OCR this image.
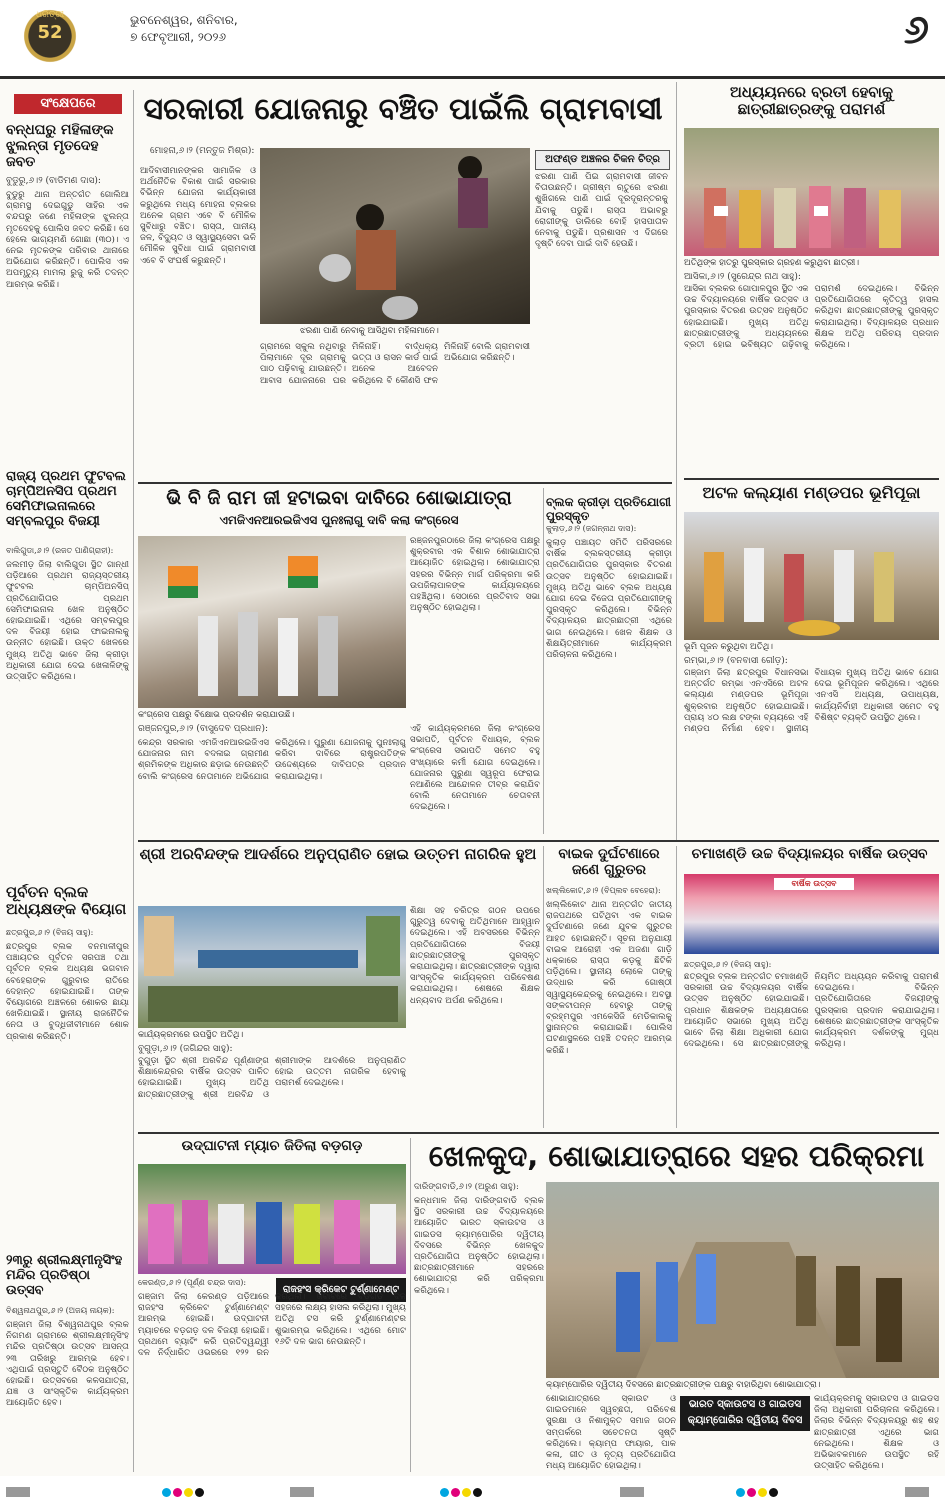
ଧରିତ୍ରୀ
52
ଭୁବନେଶ୍ୱର, ଶନିବାର,
୭ ଫେବୃଆରୀ, ୨୦୨୬	୬
ସଂକ୍ଷେପରେ
ବନ୍ଧଘରୁ ମହିଳାଙ୍କ ଝୁଲନ୍ତା ମୃତଦେହ ଜବତ
ବୁଡୁରୁ,୬।୨ (ବାଡିମଣ ଦାସ):
ବୁଡୁରୁ ଥାନା ଅନ୍ତର୍ଗତ ଗୋଲିଆ ଗ୍ରାମସ୍ଥ ଦେଇଗୁଡୁ ସାହିର ଏକ ବନ୍ଦଘରୁ ଜଣେ ମହିଳାଙ୍କ ଝୁଲନ୍ତା ମୃତଦେହକୁ ପୋଲିସ ଜବତ କରିଛି। ସେ ହେଲେ ଭାଗ୍ୟମଣି ଗୋଛା (୩୦)। ଏ ନେଇ ମୃତକଙ୍କ ପରିବାର ଥାନାରେ ଅଭିଯୋଗ କରିଛନ୍ତି। ପୋଲିସ ଏକ ଅପମୃତ୍ୟୁ ମାମଲା ରୁଜୁ କରି ତଦନ୍ତ ଆରମ୍ଭ କରିଛି।
ରାଜ୍ୟ ପ୍ରଥମ ଫୁଟବଲ ଚାମ୍ପିଅନସିପ ପ୍ରଥମ ସେମିଫାଇନାଲରେ ସମ୍ବଲପୁର ବିଜୟୀ
ବାଲିଗୁଡା,୬।୨ (ରଜତ ପାଣିଗ୍ରାହୀ):
ଜଲମୀଡ଼ ଜିଲା ବାଲିଗୁଡା ସ୍ଥିତ ଗାନ୍ଧୀ ପଡ଼ିଆରେ ପ୍ରଥମ ରାଜ୍ୟସ୍ତରୀୟ ଫୁଟବଲ ଚାମ୍ପିଅନସିପ୍ ପ୍ରତିଯୋଗିତାର ପ୍ରଥମ ସେମିଫାଇନାଲ ଖେଳ ଅନୁଷ୍ଠିତ ହୋଇଯାଇଛି। ଏଥିରେ ସମ୍ବଲପୁର ଦଳ ବିଜୟୀ ହୋଇ ଫାଇନାଲକୁ ଉନ୍ନୀତ ହୋଇଛି। ଉକ୍ତ ଖେଳରେ ମୁଖ୍ୟ ଅତିଥି ଭାବେ ଜିଲା କ୍ରୀଡ଼ା ଅଧିକାରୀ ଯୋଗ ଦେଇ ଖେଳାଳିଙ୍କୁ ଉତ୍ସାହିତ କରିଥିଲେ।
ପୂର୍ବତନ ବ୍ଲକ ଅଧ୍ୟକ୍ଷଙ୍କ ବିୟୋଗ
ଛତ୍ରପୁର,୬।୨ (ବିଜୟ ସାହୁ):
ଛତ୍ରପୁର ବ୍ଲକ ବନମାଳୀପୁର ପଞ୍ଚାୟତର ପୂର୍ବତନ ସରପଞ୍ଚ ତଥା ପୂର୍ବତନ ବ୍ଲକ ଅଧ୍ୟକ୍ଷ ଭଗବାନ ବେହେରାଙ୍କ ଗୁରୁବାର ରାତିରେ ଦେହାନ୍ତ ହୋଇଯାଇଛି। ତାଙ୍କ ବିୟୋଗରେ ଅଞ୍ଚଳରେ ଶୋକର ଛାୟା ଖେଳିଯାଇଛି। ସ୍ଥାନୀୟ ରାଜନୈତିକ ନେତା ଓ ବୁଦ୍ଧିଜୀବୀମାନେ ଶୋକ ପ୍ରକାଶ କରିଛନ୍ତି।
୨୩ରୁ ଶ୍ରୀଲକ୍ଷ୍ମୀନୃସିଂହ ମନ୍ଦିର ପ୍ରତିଷ୍ଠା ଉତ୍ସବ
ବିଶ୍ୱନାଥପୁର,୬।୨ (ଅଜୟ ନାୟକ):
ଗଞ୍ଜାମ ଜିଲା ବିଶ୍ୱନାଥପୁର ବ୍ଲକ ନିଗମଣ ଗ୍ରାମରେ ଶ୍ରୀଲକ୍ଷ୍ମୀନୃସିଂହ ମନ୍ଦିର ପ୍ରତିଷ୍ଠା ଉତ୍ସବ ଆସନ୍ତା ୨୩ ତାରିଖରୁ ଆରମ୍ଭ ହେବ। ଏଥିପାଇଁ ପ୍ରସ୍ତୁତି ବୈଠକ ଅନୁଷ୍ଠିତ ହୋଇଛି। ଉତ୍ସବରେ କଳସଯାତ୍ରା, ଯଜ୍ଞ ଓ ସାଂସ୍କୃତିକ କାର୍ଯ୍ୟକ୍ରମ ଆୟୋଜିତ ହେବ।
ସରକାରୀ ଯୋଜନାରୁ ବଞ୍ଚିତ ପାଇଁଲି ଗ୍ରାମବାସୀ
ମୋହନା,୬।୨ (ମନ୍ତୁଜ ମିଶ୍ର):
ଝରଣା ପାଣି ନେବାକୁ ଆସିଥିବା ମହିଳାମାନେ।
ଅଫଣ୍ଡ ଅଞ୍ଚଳର ଚିକନ ଚିତ୍ର
ଆଦିବାସୀମାନଙ୍କର ସାମାଜିକ ଓ ଅର୍ଥନୈତିକ ବିକାଶ ପାଇଁ ସରକାର ବିଭିନ୍ନ ଯୋଜନା କାର୍ଯ୍ୟକାରୀ କରୁଥିଲେ ମଧ୍ୟ ମୋହନା ବ୍ଲକର ଅନେକ ଗ୍ରାମ ଏବେ ବି ମୌଳିକ ସୁବିଧାରୁ ବଞ୍ଚିତ। ରାସ୍ତା, ପାନୀୟ ଜଳ, ବିଦ୍ୟୁତ ଓ ସ୍ୱାସ୍ଥ୍ୟସେବା ଭଳି ମୌଳିକ ସୁବିଧା ପାଇଁ ଗ୍ରାମବାସୀ ଏବେ ବି ସଂଘର୍ଷ କରୁଛନ୍ତି।
ଝରଣା ପାଣି ପିଇ ଗ୍ରାମବାସୀ ଜୀବନ ବିତାଉଛନ୍ତି। ଗ୍ରୀଷ୍ମ ଋତୁରେ ଝରଣା ଶୁଖିଗଲେ ପାଣି ପାଇଁ ଦୂରଦୂରାନ୍ତରକୁ ଯିବାକୁ ପଡୁଛି। ରାସ୍ତା ଅଭାବରୁ ରୋଗୀଙ୍କୁ ଡାଲିରେ ବୋହି ହାସପାତାଳ ନେବାକୁ ପଡୁଛି। ପ୍ରଶାସନ ଏ ଦିଗରେ ଦୃଷ୍ଟି ଦେବା ପାଇଁ ଦାବି ହେଉଛି।
ଗ୍ରାମରେ ସ୍କୁଲ ନଥିବାରୁ ପିଲାମାନେ ଦୂର ଗ୍ରାମକୁ ପାଠ ପଢ଼ିବାକୁ ଯାଉଛନ୍ତି। ଆବାସ ଯୋଜନାରେ ଘର ମିଳିନାହିଁ। ବାର୍ଦ୍ଧକ୍ୟ ଭତ୍ତା ଓ ରାସନ କାର୍ଡ ପାଇଁ ଅନେକ ଆବେଦନ କରିଥିଲେ ବି କୌଣସି ଫଳ ମିଳିନାହିଁ ବୋଲି ଗ୍ରାମବାସୀ ଅଭିଯୋଗ କରିଛନ୍ତି।
ଅଧ୍ୟୟନରେ ବ୍ରତୀ ହେବାକୁ ଛାତ୍ରୀଛାତ୍ରଙ୍କୁ ପରାମର୍ଶ
ଅତିଥିଙ୍କ ହାତରୁ ପୁରସ୍କାର ଗ୍ରହଣ କରୁଥିବା ଛାତ୍ରୀ।
ଆସିକା,୬।୨ (ସୁରେନ୍ଦ୍ର ନାଥ ସାହୁ):
ଆସିକା ବ୍ଲକର ଗୋପାଳପୁର ସ୍ଥିତ ଏକ ଉଚ୍ଚ ବିଦ୍ୟାଳୟରେ ବାର୍ଷିକ ଉତ୍ସବ ଓ ପୁରସ୍କାର ବିତରଣ ଉତ୍ସବ ଅନୁଷ୍ଠିତ ହୋଇଯାଇଛି। ମୁଖ୍ୟ ଅତିଥି ଛାତ୍ରଛାତ୍ରୀଙ୍କୁ ଅଧ୍ୟୟନରେ ବ୍ରତୀ ହୋଇ ଭବିଷ୍ୟତ ଗଢ଼ିବାକୁ ପରାମର୍ଶ ଦେଇଥିଲେ। ବିଭିନ୍ନ ପ୍ରତିଯୋଗିତାରେ କୃତିତ୍ୱ ହାସଲ କରିଥିବା ଛାତ୍ରଛାତ୍ରୀଙ୍କୁ ପୁରସ୍କୃତ କରାଯାଇଥିଲା। ବିଦ୍ୟାଳୟର ପ୍ରଧାନ ଶିକ୍ଷକ ଅତିଥି ପରିଚୟ ପ୍ରଦାନ କରିଥିଲେ।
ଭି ବି ଜି ରାମ ଜୀ ହଟାଇବା ଦାବିରେ ଶୋଭାଯାତ୍ରା
ଏମଜିଏନଆରଇଜିଏସ ପୁନଃଲାଗୁ ଦାବି କଲା କଂଗ୍ରେସ
କଂଗ୍ରେସ ପକ୍ଷରୁ ବିକ୍ଷୋଭ ପ୍ରଦର୍ଶନ କରାଯାଉଛି।
ରଞ୍ଜନପୁର,୬।୨ (ବାସୁଦେବ ପ୍ରଧାନ):
ରଞ୍ଜନପୁରଠାରେ ଜିଲା କଂଗ୍ରେସ ପକ୍ଷରୁ ଶୁକ୍ରବାର ଏକ ବିଶାଳ ଶୋଭାଯାତ୍ରା ଆୟୋଜିତ ହୋଇଥିଲା। ଶୋଭାଯାତ୍ରା ସହରର ବିଭିନ୍ନ ମାର୍ଗ ପରିକ୍ରମା କରି ଉପଜିଲାପାଳଙ୍କ କାର୍ଯ୍ୟାଳୟରେ ପହଞ୍ଚିଥିଲା। ସେଠାରେ ପ୍ରତିବାଦ ସଭା ଅନୁଷ୍ଠିତ ହୋଇଥିଲା।
କେନ୍ଦ୍ର ସରକାର ଏମଜିଏନଆରଇଜିଏସ ଯୋଜନାର ନାମ ବଦଳାଇ ଗ୍ରାମୀଣ ଶ୍ରମିକଙ୍କ ଅଧିକାର ଛଡ଼ାଇ ନେଉଛନ୍ତି ବୋଲି କଂଗ୍ରେସ ନେତାମାନେ ଅଭିଯୋଗ କରିଥିଲେ। ପୁରୁଣା ଯୋଜନାକୁ ପୁନଃଲାଗୁ କରିବା ଦାବିରେ ରାଷ୍ଟ୍ରପତିଙ୍କ ଉଦ୍ଦେଶ୍ୟରେ ଦାବିପତ୍ର ପ୍ରଦାନ କରାଯାଇଥିଲା।
ଏହି କାର୍ଯ୍ୟକ୍ରମରେ ଜିଲା କଂଗ୍ରେସ ସଭାପତି, ପୂର୍ବତନ ବିଧାୟକ, ବ୍ଲକ କଂଗ୍ରେସ ସଭାପତି ସମେତ ବହୁ ସଂଖ୍ୟାରେ କର୍ମୀ ଯୋଗ ଦେଇଥିଲେ। ଯୋଜନାର ପୁରୁଣା ସ୍ୱରୂପ ଫେରାଇ ନଆଣିଲେ ଆନ୍ଦୋଳନ ତୀବ୍ର କରାଯିବ ବୋଲି ନେତାମାନେ ଚେତାବନୀ ଦେଇଥିଲେ।
ବ୍ଲକ କ୍ରୀଡ଼ା ପ୍ରତିଯୋଗୀ ପୁରସ୍କୃତ
କୁଲାଡ଼,୬।୨ (ଜଗନ୍ନାଥ ଦାସ):
କୁଲାଡ଼ ପଞ୍ଚାୟତ ସମିତି ପରିସରରେ ବାର୍ଷିକ ବ୍ଲକସ୍ତରୀୟ କ୍ରୀଡ଼ା ପ୍ରତିଯୋଗିତାର ପୁରସ୍କାର ବିତରଣ ଉତ୍ସବ ଅନୁଷ୍ଠିତ ହୋଇଯାଇଛି। ମୁଖ୍ୟ ଅତିଥି ଭାବେ ବ୍ଲକ ଅଧ୍ୟକ୍ଷ ଯୋଗ ଦେଇ ବିଜେତା ପ୍ରତିଯୋଗୀଙ୍କୁ ପୁରସ୍କୃତ କରିଥିଲେ। ବିଭିନ୍ନ ବିଦ୍ୟାଳୟର ଛାତ୍ରଛାତ୍ରୀ ଏଥିରେ ଭାଗ ନେଇଥିଲେ। ଖେଳ ଶିକ୍ଷକ ଓ ଶିକ୍ଷୟିତ୍ରୀମାନେ କାର୍ଯ୍ୟକ୍ରମ ପରିଚାଳନା କରିଥିଲେ।
ଅଟଳ କଲ୍ୟାଣ ମଣ୍ଡପର ଭୂମିପୂଜା
ଭୂମି ପୂଜନ କରୁଥିବା ଅତିଥି।
ରମ୍ଭା,୬।୨ (ବନବାସୀ ଗୌଡ଼):
ଗଞ୍ଜାମ ଜିଲା ଛତ୍ରପୁର ବିଧାନସଭା ଅନ୍ତର୍ଗତ ରମ୍ଭା ଏନଏସିରେ ଅଟଳ କଲ୍ୟାଣ ମଣ୍ଡପର ଭୂମିପୂଜା ଶୁକ୍ରବାର ଅନୁଷ୍ଠିତ ହୋଇଯାଇଛି। ପ୍ରାୟ ୪୦ ଲକ୍ଷ ଟଙ୍କା ବ୍ୟୟରେ ଏହି ମଣ୍ଡପ ନିର୍ମାଣ ହେବ। ସ୍ଥାନୀୟ ବିଧାୟକ ମୁଖ୍ୟ ଅତିଥି ଭାବେ ଯୋଗ ଦେଇ ଭୂମିପୂଜନ କରିଥିଲେ। ଏଥିରେ ଏନଏସି ଅଧ୍ୟକ୍ଷ, ଉପାଧ୍ୟକ୍ଷ, କାର୍ଯ୍ୟନିର୍ବାହୀ ଅଧିକାରୀ ସମେତ ବହୁ ବିଶିଷ୍ଟ ବ୍ୟକ୍ତି ଉପସ୍ଥିତ ଥିଲେ।
ଶ୍ରୀ ଅରବିନ୍ଦଙ୍କ ଆଦର୍ଶରେ ଅନୁପ୍ରାଣିତ ହୋଇ ଉତ୍ତମ ନାଗରିକ ହୁଅ
କାର୍ଯ୍ୟକ୍ରମରେ ଉପସ୍ଥିତ ଅତିଥି।
ବୁଗୁଡ଼ା,୬।୨ (ଜଗିନ୍ଦର ସାହୁ):
ବୁଗୁଡ଼ା ସ୍ଥିତ ଶ୍ରୀ ଅରବିନ୍ଦ ପୂର୍ଣ୍ଣାଙ୍ଗ ଶିକ୍ଷାକେନ୍ଦ୍ରର ବାର୍ଷିକ ଉତ୍ସବ ପାଳିତ ହୋଇଯାଇଛି। ମୁଖ୍ୟ ଅତିଥି ଛାତ୍ରଛାତ୍ରୀଙ୍କୁ ଶ୍ରୀ ଅରବିନ୍ଦ ଓ ଶ୍ରୀମାଙ୍କ ଆଦର୍ଶରେ ଅନୁପ୍ରାଣିତ ହୋଇ ଉତ୍ତମ ନାଗରିକ ହେବାକୁ ପରାମର୍ଶ ଦେଇଥିଲେ।
ଶିକ୍ଷା ସହ ଚରିତ୍ର ଗଠନ ଉପରେ ଗୁରୁତ୍ୱ ଦେବାକୁ ଅତିଥିମାନେ ଆହ୍ୱାନ ଦେଇଥିଲେ। ଏହି ଅବସରରେ ବିଭିନ୍ନ ପ୍ରତିଯୋଗିତାରେ ବିଜୟୀ ଛାତ୍ରଛାତ୍ରୀଙ୍କୁ ପୁରସ୍କୃତ କରାଯାଇଥିଲା। ଛାତ୍ରଛାତ୍ରୀଙ୍କ ଦ୍ୱାରା ସାଂସ୍କୃତିକ କାର୍ଯ୍ୟକ୍ରମ ପରିବେଷଣ କରାଯାଇଥିଲା। ଶେଷରେ ଶିକ୍ଷକ ଧନ୍ୟବାଦ ଅର୍ପଣ କରିଥିଲେ।
ବାଇକ ଦୁର୍ଘଟଣାରେ ଜଣେ ଗୁରୁତର
ଖଲ୍ଲିକୋଟ,୬।୨ (ବିପ୍ଲବ ବେହେରା):
ଖଲ୍ଲିକୋଟ ଥାନା ଅନ୍ତର୍ଗତ ଜାତୀୟ ରାଜପଥରେ ଘଟିଥିବା ଏକ ବାଇକ ଦୁର୍ଘଟଣାରେ ଜଣେ ଯୁବକ ଗୁରୁତର ଆହତ ହୋଇଛନ୍ତି। ସୂଚନା ଅନୁଯାୟୀ ବାଇକ ଆରୋହୀ ଏକ ଅଜଣା ଗାଡ଼ି ଧକ୍କାରେ ରାସ୍ତା କଡ଼କୁ ଛିଟିକି ପଡ଼ିଥିଲେ। ସ୍ଥାନୀୟ ଲୋକେ ତାଙ୍କୁ ଉଦ୍ଧାର କରି ଗୋଷ୍ଠୀ ସ୍ୱାସ୍ଥ୍ୟକେନ୍ଦ୍ରକୁ ନେଇଥିଲେ। ଅବସ୍ଥା ସଙ୍କଟାପନ୍ନ ହେବାରୁ ତାଙ୍କୁ ବ୍ରହ୍ମପୁର ଏମକେସିଜି ମେଡିକାଲକୁ ସ୍ଥାନାନ୍ତର କରାଯାଇଛି। ପୋଲିସ ଘଟଣାସ୍ଥଳରେ ପହଞ୍ଚି ତଦନ୍ତ ଆରମ୍ଭ କରିଛି।
ଚମାଖଣ୍ଡି ଉଚ୍ଚ ବିଦ୍ୟାଳୟର ବାର୍ଷିକ ଉତ୍ସବ
ବାର୍ଷିକ ଉତ୍ସବ
ଛତ୍ରପୁର,୬।୨ (ବିଜୟ ସାହୁ):
ଛତ୍ରପୁର ବ୍ଲକ ଅନ୍ତର୍ଗତ ଚମାଖଣ୍ଡି ସରକାରୀ ଉଚ୍ଚ ବିଦ୍ୟାଳୟର ବାର୍ଷିକ ଉତ୍ସବ ଅନୁଷ୍ଠିତ ହୋଇଯାଇଛି। ପ୍ରଧାନ ଶିକ୍ଷକଙ୍କ ଅଧ୍ୟକ୍ଷତାରେ ଆୟୋଜିତ ସଭାରେ ମୁଖ୍ୟ ଅତିଥି ଭାବେ ଜିଲା ଶିକ୍ଷା ଅଧିକାରୀ ଯୋଗ ଦେଇଥିଲେ। ସେ ଛାତ୍ରଛାତ୍ରୀଙ୍କୁ ନିୟମିତ ଅଧ୍ୟୟନ କରିବାକୁ ପରାମର୍ଶ ଦେଇଥିଲେ। ବିଭିନ୍ନ ପ୍ରତିଯୋଗିତାରେ ବିଜୟୀଙ୍କୁ ପୁରସ୍କାର ପ୍ରଦାନ କରାଯାଇଥିଲା। ଶେଷରେ ଛାତ୍ରଛାତ୍ରୀଙ୍କ ସାଂସ୍କୃତିକ କାର୍ଯ୍ୟକ୍ରମ ଦର୍ଶକଙ୍କୁ ମୁଗ୍ଧ କରିଥିଲା।
ଉଦ୍‌ଘାଟନୀ ମ୍ୟାଚ ଜିତିଲା ବଡ଼ଗଡ଼
କେରଣ୍ଡ,୬।୨ (ପୂର୍ଣ୍ଣ ଚନ୍ଦ୍ର ଦାସ):
ରାଜହଂସ କ୍ରିକେଟ ଟୁର୍ଣ୍ଣାମେଣ୍ଟ
ଗଞ୍ଜାମ ଜିଲା କେରଣ୍ଡ ପଡ଼ିଆରେ ରାଜହଂସ କ୍ରିକେଟ ଟୁର୍ଣ୍ଣାମେଣ୍ଟ ଆରମ୍ଭ ହୋଇଛି। ଉଦ୍‌ଘାଟନୀ ମ୍ୟାଚରେ ବଡ଼ଗଡ଼ ଦଳ ବିଜୟୀ ହୋଇଛି। ପ୍ରଥମେ ବ୍ୟାଟିଂ କରି ପ୍ରତିଦ୍ୱନ୍ଦ୍ୱୀ ଦଳ ନିର୍ଦ୍ଧାରିତ ଓଭରରେ ୧୨୨ ରନ କରିଥିଲା। ଜବାବରେ ବଡ଼ଗଡ଼ ଦଳ ସହଜରେ ଲକ୍ଷ୍ୟ ହାସଲ କରିଥିଲା। ମୁଖ୍ୟ ଅତିଥି ଟସ କରି ଟୁର୍ଣ୍ଣାମେଣ୍ଟର ଶୁଭାରମ୍ଭ କରିଥିଲେ। ଏଥିରେ ମୋଟ ୧୬ଟି ଦଳ ଭାଗ ନେଉଛନ୍ତି।
ଖେଳକୁଦ, ଶୋଭାଯାତ୍ରାରେ ସହର ପରିକ୍ରମା
ଦାରିଙ୍ଗବାଡି,୬।୨ (ଅରୁଣ ସାହୁ):
କନ୍ଧମାଳ ଜିଲା ଦାରିଙ୍ଗବାଡି ବ୍ଲକ ସ୍ଥିତ ସରକାରୀ ଉଚ୍ଚ ବିଦ୍ୟାଳୟରେ ଆୟୋଜିତ ଭାରତ ସ୍କାଉଟସ ଓ ଗାଇଡସ କ୍ୟାମ୍ପୋରିର ଦ୍ୱିତୀୟ ଦିବସରେ ବିଭିନ୍ନ ଖେଳକୁଦ ପ୍ରତିଯୋଗିତା ଅନୁଷ୍ଠିତ ହୋଇଥିଲା। ଛାତ୍ରଛାତ୍ରୀମାନେ ସହରରେ ଶୋଭାଯାତ୍ରା କରି ପରିକ୍ରମା କରିଥିଲେ।
କ୍ୟାମ୍ପୋରିର ଦ୍ୱିତୀୟ ଦିବସରେ ଛାତ୍ରଛାତ୍ରୀଙ୍କ ପକ୍ଷରୁ ବାହାରିଥିବା ଶୋଭାଯାତ୍ରା।
ଶୋଭାଯାତ୍ରାରେ ସ୍କାଉଟ ଓ ଗାଇଡମାନେ ସ୍ୱଚ୍ଛତା, ପରିବେଶ ସୁରକ୍ଷା ଓ ନିଶାମୁକ୍ତ ସମାଜ ଗଠନ ସମ୍ପର୍କରେ ସଚେତନତା ସୃଷ୍ଟି କରିଥିଲେ। କ୍ୟାମ୍ପ ଫାୟାର, ପାକ କଳା, ଗୀତ ଓ ନୃତ୍ୟ ପ୍ରତିଯୋଗିତା ମଧ୍ୟ ଆୟୋଜିତ ହୋଇଥିଲା।
ଭାରତ ସ୍କାଉଟସ ଓ ଗାଇଡସ କ୍ୟାମ୍ପୋରିର ଦ୍ୱିତୀୟ ଦିବସ
କାର୍ଯ୍ୟକ୍ରମକୁ ସ୍କାଉଟସ ଓ ଗାଇଡସ ଜିଲା ଅଧିକାରୀ ପରିଚାଳନା କରିଥିଲେ। ଜିଲାର ବିଭିନ୍ନ ବିଦ୍ୟାଳୟରୁ ଶହ ଶହ ଛାତ୍ରଛାତ୍ରୀ ଏଥିରେ ଭାଗ ନେଇଥିଲେ। ଶିକ୍ଷକ ଓ ଅଭିଭାବକମାନେ ଉପସ୍ଥିତ ରହି ଉତ୍ସାହିତ କରିଥିଲେ।
